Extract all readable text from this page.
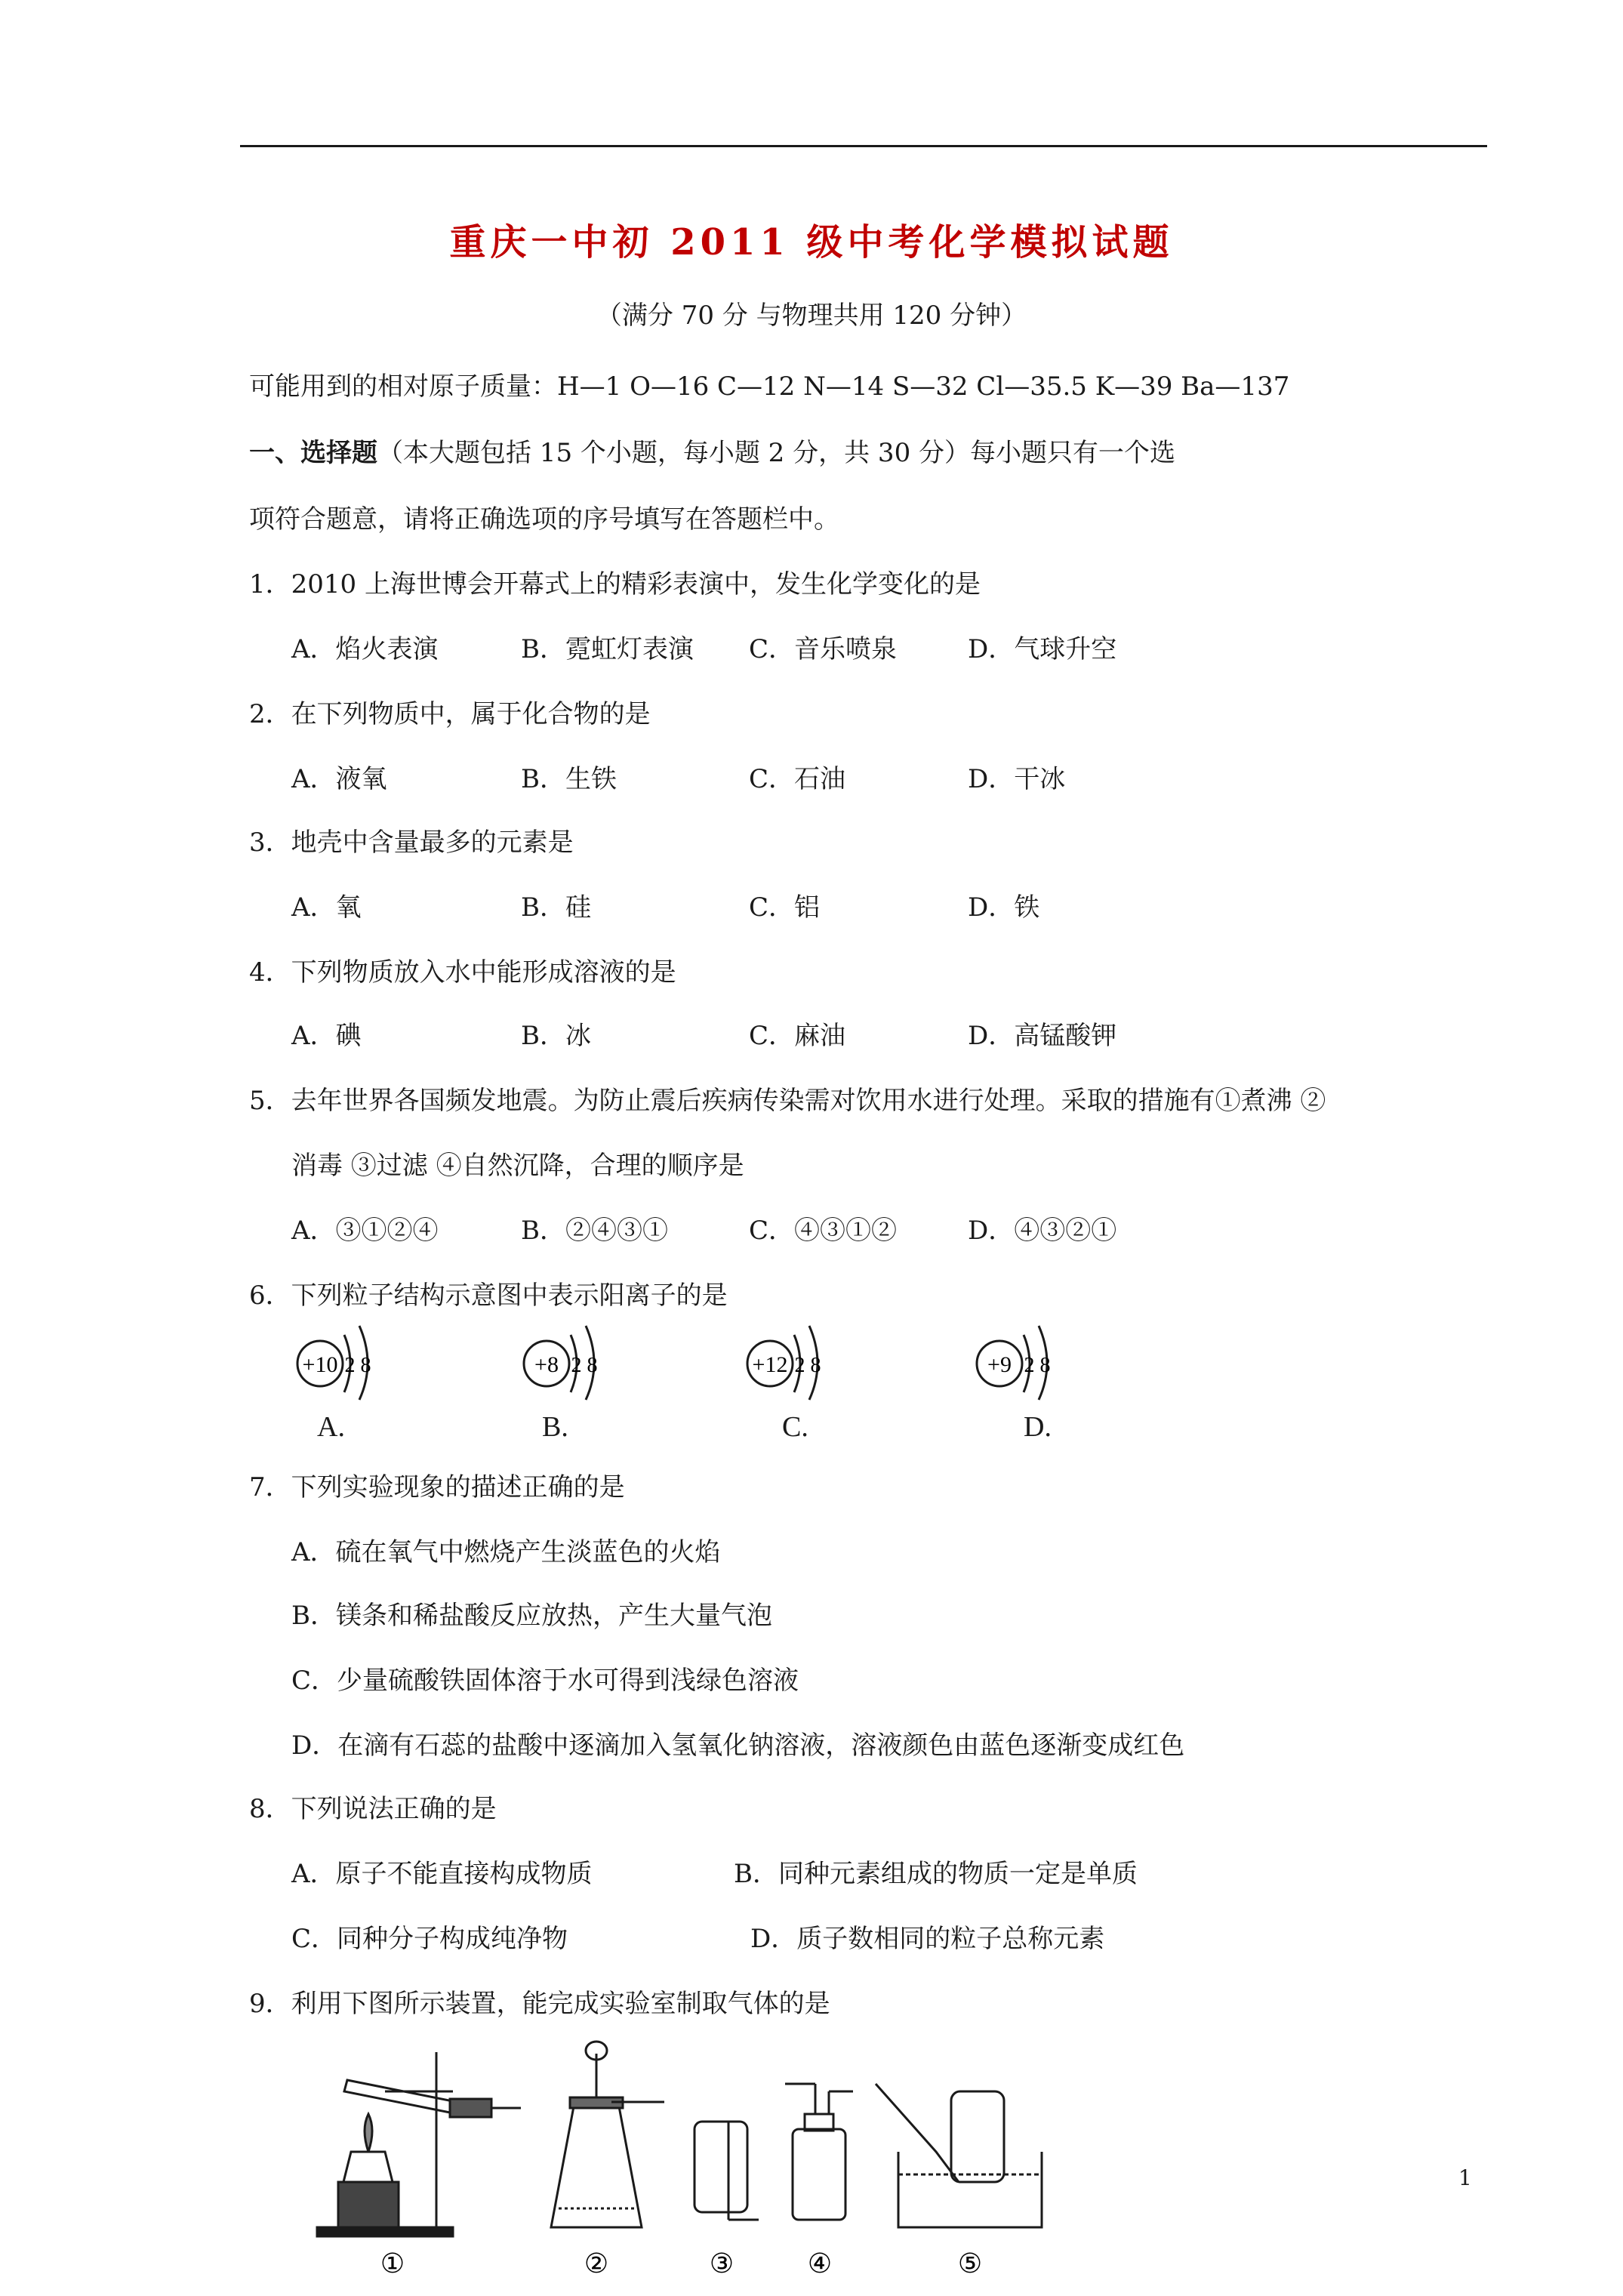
重庆一中初 2011 级中考化学模拟试题
（满分 70 分 与物理共用 120 分钟）
可能用到的相对原子质量：H—1 O—16 C—12 N—14 S—32 Cl—35.5 K—39 Ba—137
一、选择题（本大题包括 15 个小题，每小题 2 分，共 30 分）每小题只有一个选
项符合题意，请将正确选项的序号填写在答题栏中。
1．2010 上海世博会开幕式上的精彩表演中，发生化学变化的是
A．焰火表演	B．霓虹灯表演 C．音乐喷泉	D．气球升空
2．在下列物质中，属于化合物的是
A．液氧	B．生铁	C．石油	D．干冰
3．地壳中含量最多的元素是
A．氧	B．硅	C．铝	D．铁
4．下列物质放入水中能形成溶液的是
A．碘	B．冰	C．麻油	D．高锰酸钾
5．去年世界各国频发地震。为防止震后疾病传染需对饮用水进行处理。采取的措施有①煮沸 ②
消毒 ③过滤 ④自然沉降，合理的顺序是
A．③①②④	B．②④③①	C．④③①②	D．④③②①
6．下列粒子结构示意图中表示阳离子的是
+10 2 8
A.
+8 2 8
B.
+12 2 8
C.
+9 2 8
D.
7．下列实验现象的描述正确的是
A．硫在氧气中燃烧产生淡蓝色的火焰
B．镁条和稀盐酸反应放热，产生大量气泡
C．少量硫酸铁固体溶于水可得到浅绿色溶液
D．在滴有石蕊的盐酸中逐滴加入氢氧化钠溶液，溶液颜色由蓝色逐渐变成红色
8．下列说法正确的是
A．原子不能直接构成物质	B．同种元素组成的物质一定是单质
C．同种分子构成纯净物	D．质子数相同的粒子总称元素
9．利用下图所示装置，能完成实验室制取气体的是
①	②	③	④	⑤
1
